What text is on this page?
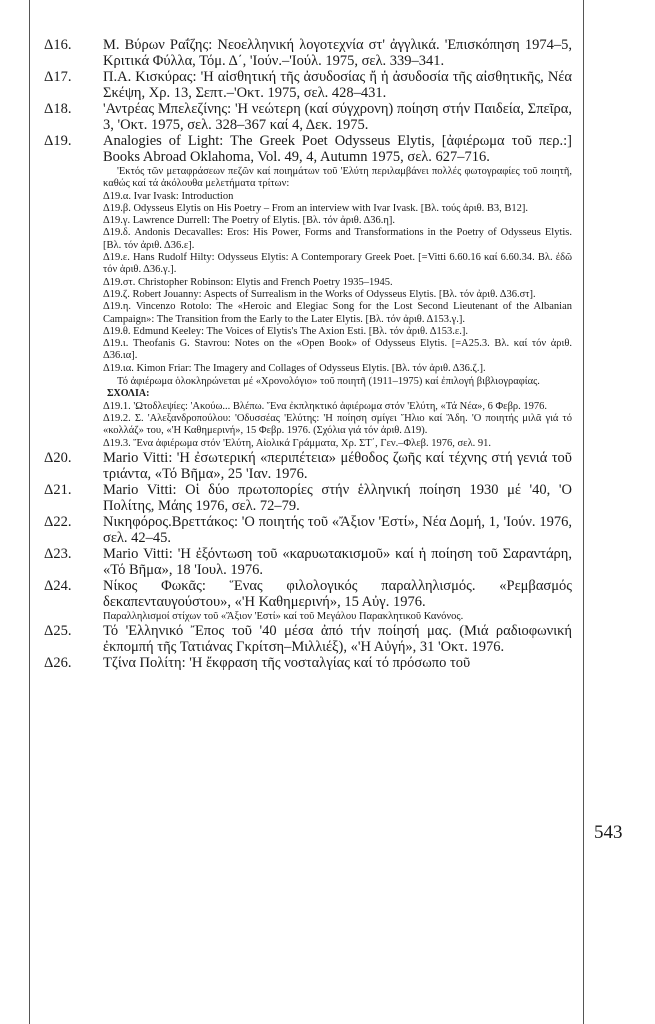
543
Δ16. Μ. Βύρων Ραΐζης: Νεοελληνική λογοτεχνία στ' ἀγγλικά. 'Επισκόπηση 1974–5, Κριτικά Φύλλα, Τόμ. Δ΄, 'Ιούν.–'Ιούλ. 1975, σελ. 339–341.
Δ17. Π.Α. Κισκύρας: 'Η αἰσθητική τῆς ἀσυδοσίας ἤ ἡ ἀσυδοσία τῆς αἰσθητικῆς, Νέα Σκέψη, Χρ. 13, Σεπτ.–'Οκτ. 1975, σελ. 428–431.
Δ18. 'Αντρέας Μπελεζίνης: 'Η νεώτερη (καί σύγχρονη) ποίηση στήν Παιδεία, Σπεῖρα, 3, 'Οκτ. 1975, σελ. 328–367 καί 4, Δεκ. 1975.
Δ19. Analogies of Light: The Greek Poet Odysseus Elytis, [ἀφιέρωμα τοῦ περ.:] Books Abroad Oklahoma, Vol. 49, 4, Autumn 1975, σελ. 627–716.
'Εκτός τῶν μεταφράσεων πεζῶν καί ποιημάτων τοῦ 'Ελύτη περιλαμβάνει πολλές φωτογραφίες τοῦ ποιητῆ, καθώς καί τά ἀκόλουθα μελετήματα τρίτων:
Δ19.α. Ivar Ivask: Introduction
Δ19.β. Odysseus Elytis on His Poetry – From an interview with Ivar Ivask. [Βλ. τούς ἀριθ. Β3, Β12].
Δ19.γ. Lawrence Durrell: The Poetry of Elytis. [Βλ. τόν ἀριθ. Δ36.η].
Δ19.δ. Andonis Decavalles: Eros: His Power, Forms and Transformations in the Poetry of Odysseus Elytis. [Βλ. τόν ἀριθ. Δ36.ε].
Δ19.ε. Hans Rudolf Hilty: Odysseus Elytis: A Contemporary Greek Poet. [=Vitti 6.60.16 καί 6.60.34. Βλ. ἐδῶ τόν ἀριθ. Δ36.γ.].
Δ19.στ. Christopher Robinson: Elytis and French Poetry 1935–1945.
Δ19.ζ. Robert Jouanny: Aspects of Surrealism in the Works of Odysseus Elytis. [Βλ. τόν ἀριθ. Δ36.στ].
Δ19.η. Vincenzo Rotolo: The «Heroic and Elegiac Song for the Lost Second Lieutenant of the Albanian Campaign»: The Transition from the Early to the Later Elytis. [Βλ. τόν ἀριθ. Δ153.γ.].
Δ19.θ. Edmund Keeley: The Voices of Elytis's The Axion Esti. [Βλ. τόν ἀριθ. Δ153.ε.].
Δ19.ι. Theofanis G. Stavrou: Notes on the «Open Book» of Odysseus Elytis. [=A25.3. Βλ. καί τόν ἀριθ. Δ36.ια].
Δ19.ια. Kimon Friar: The Imagery and Collages of Odysseus Elytis. [Βλ. τόν ἀριθ. Δ36.ζ.].
Τό ἀφιέρωμα ὁλοκληρώνεται μέ «Χρονολόγιο» τοῦ ποιητῆ (1911–1975) καί ἐπιλογή βιβλιογραφίας.
ΣΧΟΛΙΑ:
Δ19.1. 'Ωτοδλεψίες: 'Ακούω... Βλέπω. Ἕνα ἐκπληκτικό ἀφιέρωμα στόν 'Ελύτη, «Τά Νέα», 6 Φεβρ. 1976.
Δ19.2. Σ. 'Αλεξανδροπούλου: 'Οδυσσέας 'Ελύτης: 'Η ποίηση σμίγει Ἥλιο καί Ἅδη. 'Ο ποιητής μιλᾶ γιά τό «κολλάζ» του, «'Η Καθημερινή», 15 Φεβρ. 1976. (Σχόλια γιά τόν ἀριθ. Δ19).
Δ19.3. Ἕνα ἀφιέρωμα στόν 'Ελύτη, Αἰολικά Γράμματα, Χρ. ΣΤ΄, Γεν.–Φλεβ. 1976, σελ. 91.
Δ20. Mario Vitti: 'Η ἐσωτερική «περιπέτεια» μέθοδος ζωῆς καί τέχνης στή γενιά τοῦ τριάντα, «Τό Βῆμα», 25 'Ιαν. 1976.
Δ21. Mario Vitti: Οἱ δύο πρωτοπορίες στήν ἑλληνική ποίηση 1930 μέ '40, 'Ο Πολίτης, Μάης 1976, σελ. 72–79.
Δ22. Νικηφόρος.Βρεττάκος: 'Ο ποιητής τοῦ «Ἄξιον 'Εστί», Νέα Δομή, 1, 'Ιούν. 1976, σελ. 42–45.
Δ23. Mario Vitti: 'Η ἐξόντωση τοῦ «καρυωτακισμοῦ» καί ἡ ποίηση τοῦ Σαραντάρη, «Τό Βῆμα», 18 'Ιουλ. 1976.
Δ24. Νίκος Φωκᾶς: Ἕνας φιλολογικός παραλληλισμός. «Ρεμβασμός δεκαπενταυγούστου», «'Η Καθημερινή», 15 Αὐγ. 1976.
Παραλληλισμοί στίχων τοῦ «Ἄξιον 'Εστί» καί τοῦ Μεγάλου Παρακλητικοῦ Κανόνος.
Δ25. Τό 'Ελληνικό Ἔπος τοῦ '40 μέσα ἀπό τήν ποίησή μας. (Μιά ραδιοφωνική ἐκπομπή τῆς Τατιάνας Γκρίτση–Μιλλιέξ), «'Η Αὐγή», 31 'Οκτ. 1976.
Δ26. Τζίνα Πολίτη: 'Η ἔκφραση τῆς νοσταλγίας καί τό πρόσωπο τοῦ
